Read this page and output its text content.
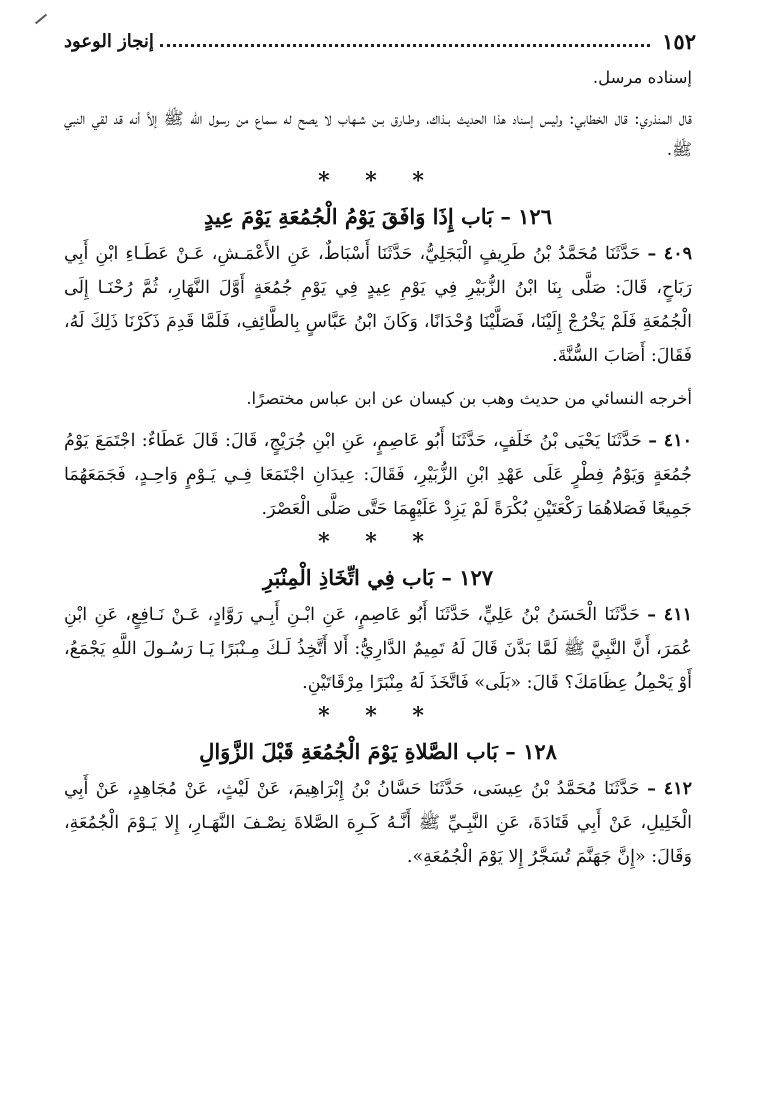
١٥٢
إنجاز الوعود

إسناده مرسل.

قال المنذري: قال الخطابي: وليس إسناد هذا الحديث بـذاك، وطـارق بـن شـهاب لا يصح له سماع من رسول الله ﷺ إلاَّ أنه قد لقي النبي ﷺ.

* * *
١٢٦ – بَاب إِذَا وَافَقَ يَوْمُ الْجُمُعَةِ يَوْمَ عِيدٍ

٤٠٩ – حَدَّثَنَا مُحَمَّدُ بْنُ طَرِيفٍ الْبَجَلِيُّ، حَدَّثَنَا أَسْبَاطٌ، عَنِ الأَعْمَـشِ، عَـنْ عَطَـاءِ ابْنِ أَبِي رَبَاحٍ، قَالَ: صَلَّى بِنَا ابْنُ الزُّبَيْرِ فِي يَوْمِ عِيدٍ فِي يَوْمِ جُمُعَةٍ أَوَّلَ النَّهَارِ، ثُمَّ رُحْنَـا إِلَى الْجُمُعَةِ فَلَمْ يَخْرُجْ إِلَيْنَا، فَصَلَّيْنَا وُحْدَانًا، وَكَانَ ابْنُ عَبَّاسٍ بِالطَّائِفِ، فَلَمَّا قَدِمَ ذَكَرْنَا ذَلِكَ لَهُ، فَقَالَ: أَصَابَ السُّنَّةَ.

أخرجه النسائي من حديث وهب بن كيسان عن ابن عباس مختصرًا.

٤١٠ – حَدَّثَنَا يَحْيَى بْنُ خَلَفٍ، حَدَّثَنَا أَبُو عَاصِمٍ، عَنِ ابْنِ جُرَيْجٍ، قَالَ: قَالَ عَطَاءٌ: اجْتَمَعَ يَوْمُ جُمُعَةٍ وَيَوْمُ فِطْرٍ عَلَى عَهْدِ ابْنِ الزُّبَيْرِ، فَقَالَ: عِيدَانِ اجْتَمَعَا فِـي يَـوْمٍ وَاحِـدٍ، فَجَمَعَهُمَا جَمِيعًا فَصَلاهُمَا رَكْعَتَيْنِ بُكْرَةً لَمْ يَزِدْ عَلَيْهِمَا حَتَّى صَلَّى الْعَصْرَ.

* * *
١٢٧ – بَاب فِي اتِّخَاذِ الْمِنْبَرِ

٤١١ – حَدَّثَنَا الْحَسَنُ بْنُ عَلِيٍّ، حَدَّثَنَا أَبُو عَاصِمٍ، عَنِ ابْـنِ أَبِـي رَوَّادٍ، عَـنْ نَـافِعٍ، عَنِ ابْنِ عُمَرَ، أَنَّ النَّبِيَّ ﷺ لَمَّا بَدَّنَ قَالَ لَهُ تَمِيمٌ الدَّارِيُّ: أَلا أَتَّخِذُ لَـكَ مِـنْبَرًا يَـا رَسُـولَ اللَّهِ يَجْمَعُ، أَوْ يَحْمِلُ عِظَامَكَ؟ قَالَ: «بَلَى» فَاتَّخَذَ لَهُ مِنْبَرًا مِرْقَاتَيْنِ.

* * *
١٢٨ – بَاب الصَّلاةِ يَوْمَ الْجُمُعَةِ قَبْلَ الزَّوَالِ

٤١٢ – حَدَّثَنَا مُحَمَّدُ بْنُ عِيسَى، حَدَّثَنَا حَسَّانُ بْنُ إِبْرَاهِيمَ، عَنْ لَيْثٍ، عَنْ مُجَاهِدٍ، عَنْ أَبِي الْخَلِيلِ، عَنْ أَبِي قَتَادَةَ، عَنِ النَّبِـيِّ ﷺ أَنَّـهُ كَـرِهَ الصَّلاةَ نِصْـفَ النَّهَـارِ، إِلا يَـوْمَ الْجُمُعَةِ، وَقَالَ: «إِنَّ جَهَنَّمَ تُسَجَّرُ إِلا يَوْمَ الْجُمُعَةِ».
